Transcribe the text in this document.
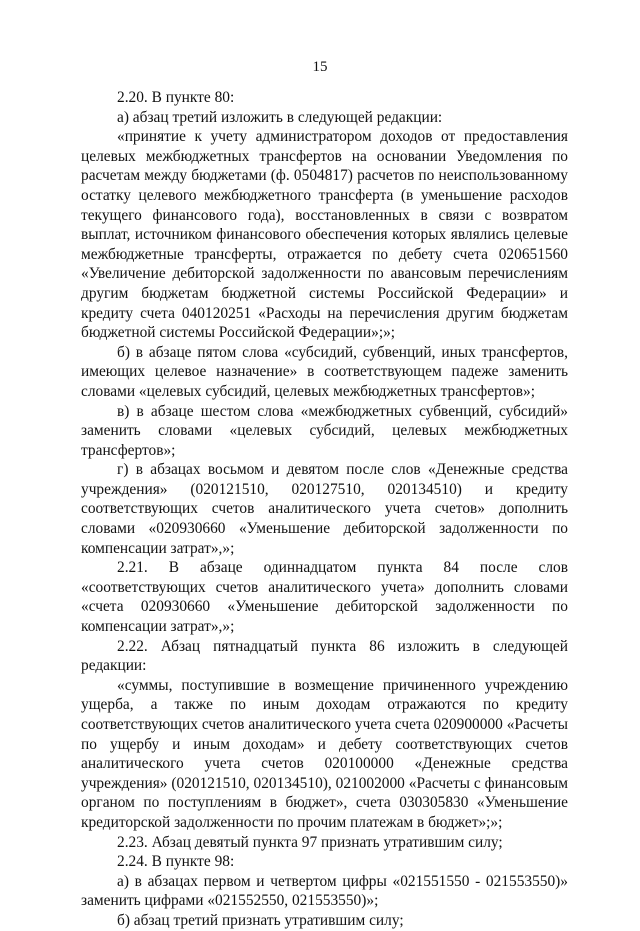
15

2.20. В пункте 80:

а) абзац третий изложить в следующей редакции:

«принятие к учету администратором доходов от предоставления целевых межбюджетных трансфертов на основании Уведомления по расчетам между бюджетами (ф. 0504817) расчетов по неиспользованному остатку целевого межбюджетного трансферта (в уменьшение расходов текущего финансового года), восстановленных в связи с возвратом выплат, источником финансового обеспечения которых являлись целевые межбюджетные трансферты, отражается по дебету счета 020651560 «Увеличение дебиторской задолженности по авансовым перечислениям другим бюджетам бюджетной системы Российской Федерации» и кредиту счета 040120251 «Расходы на перечисления другим бюджетам бюджетной системы Российской Федерации»;»;

б) в абзаце пятом слова «субсидий, субвенций, иных трансфертов, имеющих целевое назначение» в соответствующем падеже заменить словами «целевых субсидий, целевых межбюджетных трансфертов»;

в) в абзаце шестом слова «межбюджетных субвенций, субсидий» заменить словами «целевых субсидий, целевых межбюджетных трансфертов»;

г) в абзацах восьмом и девятом после слов «Денежные средства учреждения» (020121510, 020127510, 020134510) и кредиту соответствующих счетов аналитического учета счетов» дополнить словами «020930660 «Уменьшение дебиторской задолженности по компенсации затрат»,»;

2.21. В абзаце одиннадцатом пункта 84 после слов «соответствующих счетов аналитического учета» дополнить словами «счета 020930660 «Уменьшение дебиторской задолженности по компенсации затрат»,»;

2.22. Абзац пятнадцатый пункта 86 изложить в следующей редакции:

«суммы, поступившие в возмещение причиненного учреждению ущерба, а также по иным доходам отражаются по кредиту соответствующих счетов аналитического учета счета 020900000 «Расчеты по ущербу и иным доходам» и дебету соответствующих счетов аналитического учета счетов 020100000 «Денежные средства учреждения» (020121510, 020134510), 021002000 «Расчеты с финансовым органом по поступлениям в бюджет», счета 030305830 «Уменьшение кредиторской задолженности по прочим платежам в бюджет»;»;

2.23. Абзац девятый пункта 97 признать утратившим силу;

2.24. В пункте 98:

а) в абзацах первом и четвертом цифры «021551550 - 021553550)» заменить цифрами «021552550, 021553550)»;

б) абзац третий признать утратившим силу;
